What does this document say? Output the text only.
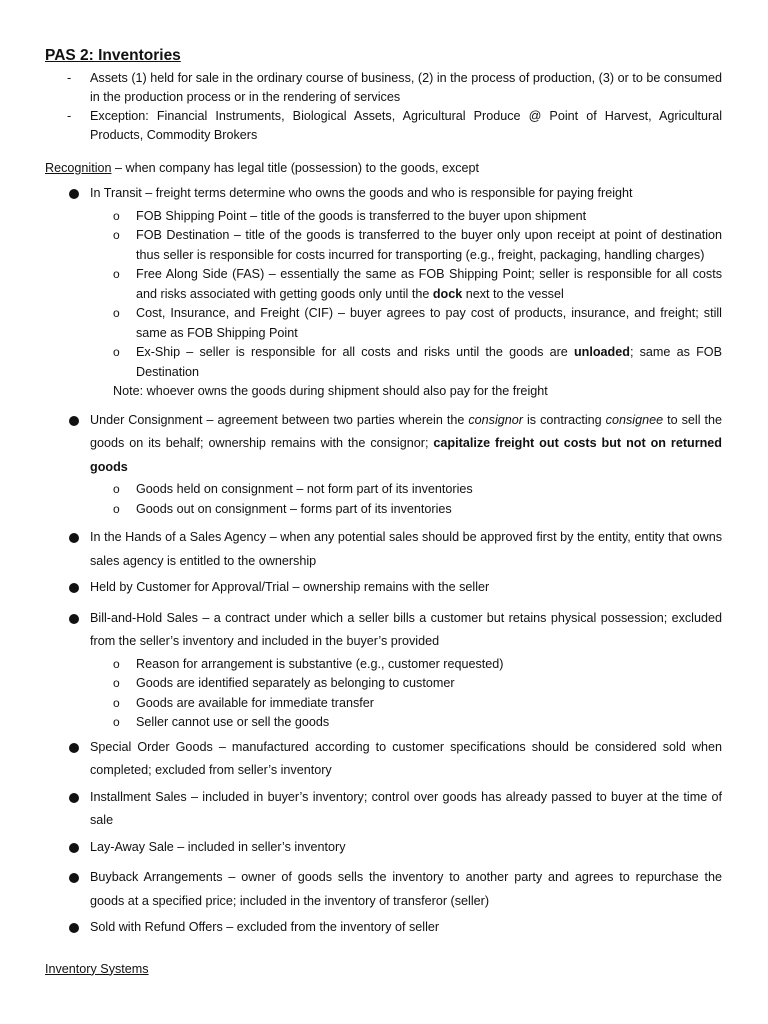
PAS 2: Inventories
- Assets (1) held for sale in the ordinary course of business, (2) in the process of production, (3) or to be consumed in the production process or in the rendering of services
- Exception: Financial Instruments, Biological Assets, Agricultural Produce @ Point of Harvest, Agricultural Products, Commodity Brokers
Recognition – when company has legal title (possession) to the goods, except
In Transit – freight terms determine who owns the goods and who is responsible for paying freight
o FOB Shipping Point – title of the goods is transferred to the buyer upon shipment
o FOB Destination – title of the goods is transferred to the buyer only upon receipt at point of destination thus seller is responsible for costs incurred for transporting (e.g., freight, packaging, handling charges)
o Free Along Side (FAS) – essentially the same as FOB Shipping Point; seller is responsible for all costs and risks associated with getting goods only until the dock next to the vessel
o Cost, Insurance, and Freight (CIF) – buyer agrees to pay cost of products, insurance, and freight; still same as FOB Shipping Point
o Ex-Ship – seller is responsible for all costs and risks until the goods are unloaded; same as FOB Destination
Note: whoever owns the goods during shipment should also pay for the freight
Under Consignment – agreement between two parties wherein the consignor is contracting consignee to sell the goods on its behalf; ownership remains with the consignor; capitalize freight out costs but not on returned goods
o Goods held on consignment – not form part of its inventories
o Goods out on consignment – forms part of its inventories
In the Hands of a Sales Agency – when any potential sales should be approved first by the entity, entity that owns sales agency is entitled to the ownership
Held by Customer for Approval/Trial – ownership remains with the seller
Bill-and-Hold Sales – a contract under which a seller bills a customer but retains physical possession; excluded from the seller’s inventory and included in the buyer’s provided
o Reason for arrangement is substantive (e.g., customer requested)
o Goods are identified separately as belonging to customer
o Goods are available for immediate transfer
o Seller cannot use or sell the goods
Special Order Goods – manufactured according to customer specifications should be considered sold when completed; excluded from seller’s inventory
Installment Sales – included in buyer’s inventory; control over goods has already passed to buyer at the time of sale
Lay-Away Sale – included in seller’s inventory
Buyback Arrangements – owner of goods sells the inventory to another party and agrees to repurchase the goods at a specified price; included in the inventory of transferor (seller)
Sold with Refund Offers – excluded from the inventory of seller
Inventory Systems
